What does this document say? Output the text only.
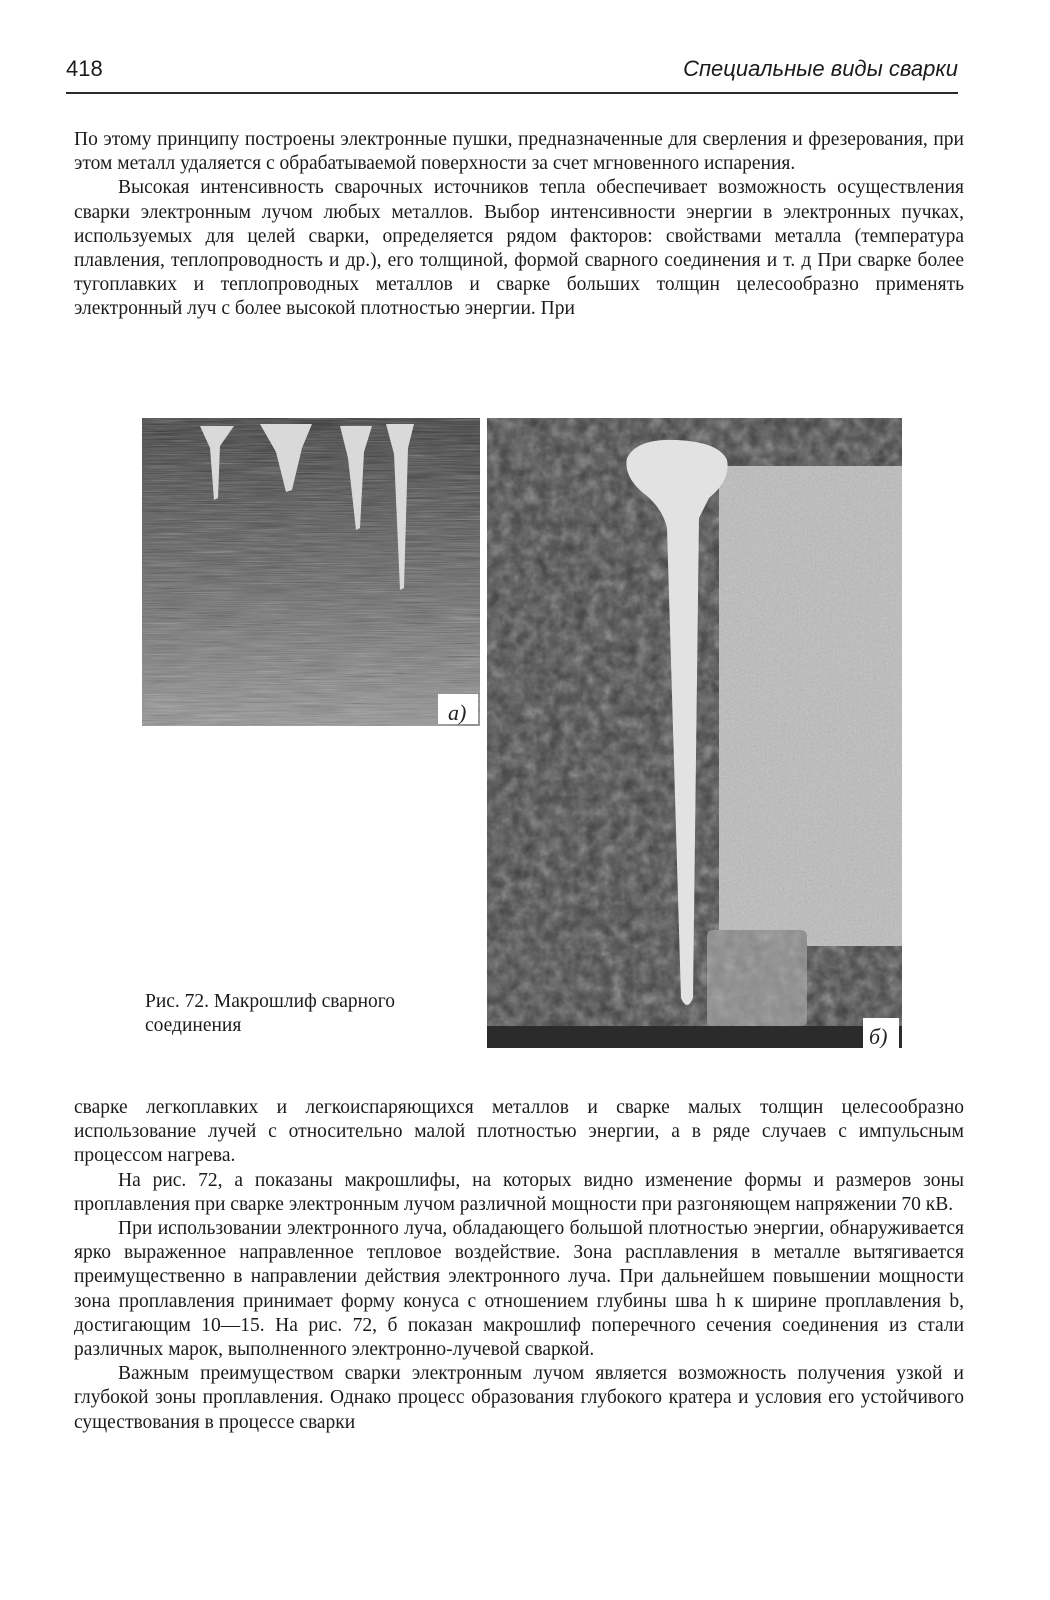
418	Специальные виды сварки

По этому принципу построены электронные пушки, предназначенные для сверления и фрезерования, при этом металл удаляется с обрабатываемой поверхности за счет мгновенного испарения.

Высокая интенсивность сварочных источников тепла обеспечивает возможность осуществления сварки электронным лучом любых металлов. Выбор интенсивности энергии в электронных пучках, используемых для целей сварки, определяется рядом факторов: свойствами металла (температура плавления, теплопроводность и др.), его толщиной, формой сварного соединения и т. д При сварке более тугоплавких и теплопроводных металлов и сварке больших толщин целесообразно применять электронный луч с более высокой плотностью энергии. При

а)
б)
Рис. 72. Макрошлиф сварного соединения

сварке легкоплавких и легкоиспаряющихся металлов и сварке малых толщин целесообразно использование лучей с относительно малой плотностью энергии, а в ряде случаев с импульсным процессом нагрева.

На рис. 72, а показаны макрошлифы, на которых видно изменение формы и размеров зоны проплавления при сварке электронным лучом различной мощности при разгоняющем напряжении 70 кВ.

При использовании электронного луча, обладающего большой плотностью энергии, обнаруживается ярко выраженное направленное тепловое воздействие. Зона расплавления в металле вытягивается преимущественно в направлении действия электронного луча. При дальнейшем повышении мощности зона проплавления принимает форму конуса с отношением глубины шва h к ширине проплавления b, достигающим 10—15. На рис. 72, б показан макрошлиф поперечного сечения соединения из стали различных марок, выполненного электронно-лучевой сваркой.

Важным преимуществом сварки электронным лучом является возможность получения узкой и глубокой зоны проплавления. Однако процесс образования глубокого кратера и условия его устойчивого существования в процессе сварки
